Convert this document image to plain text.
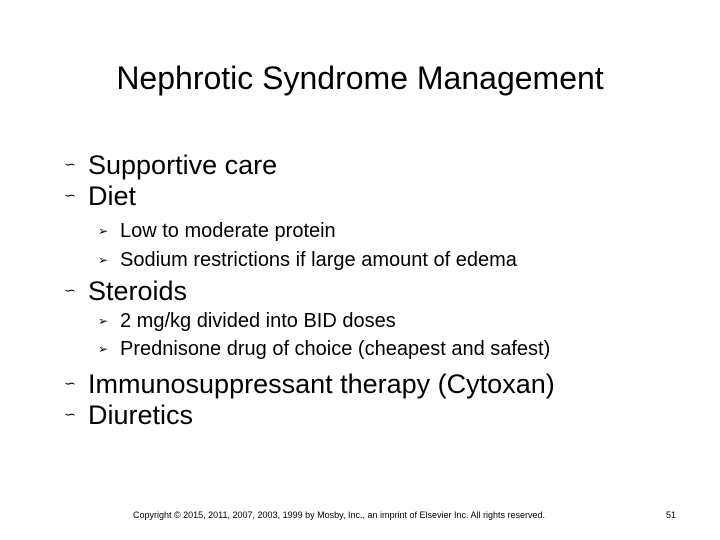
Nephrotic Syndrome Management
∽ Supportive care
∽ Diet
➢ Low to moderate protein
➢ Sodium restrictions if large amount of edema
∽ Steroids
➢ 2 mg/kg divided into BID doses
➢ Prednisone drug of choice (cheapest and safest)
∽ Immunosuppressant therapy (Cytoxan)
∽ Diuretics
Copyright © 2015, 2011, 2007, 2003, 1999 by Mosby, Inc., an imprint of Elsevier Inc. All rights reserved.	51
